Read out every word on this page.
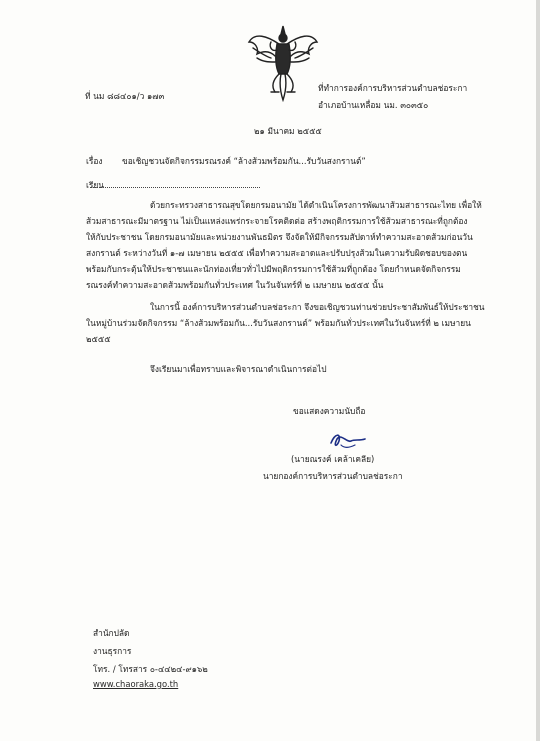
ที่ นม ๘๘๔๐๑/ว ๑๗๓
ที่ทำการองค์การบริหารส่วนตำบลช่อระกา
อำเภอบ้านเหลื่อม นม. ๓๐๓๕๐
๒๑ มีนาคม ๒๕๕๕
เรื่อง ขอเชิญชวนจัดกิจกรรมรณรงค์ “ล้างส้วมพร้อมกัน...รับวันสงกรานต์”
เรียน
ด้วยกระทรวงสาธารณสุขโดยกรมอนามัย ได้ดำเนินโครงการพัฒนาส้วมสาธารณะไทย เพื่อให้
ส้วมสาธารณะมีมาตรฐาน ไม่เป็นแหล่งแพร่กระจายโรคติดต่อ สร้างพฤติกรรมการใช้ส้วมสาธารณะที่ถูกต้อง
ให้กับประชาชน โดยกรมอนามัยและหน่วยงานพันธมิตร จึงจัดให้มีกิจกรรมสัปดาห์ทำความสะอาดส้วมก่อนวัน
สงกรานต์ ระหว่างวันที่ ๑-๗ เมษายน ๒๕๕๕ เพื่อทำความสะอาดและปรับปรุงส้วมในความรับผิดชอบของตน
พร้อมกับกระตุ้นให้ประชาชนและนักท่องเที่ยวทั่วไปมีพฤติกรรมการใช้ส้วมที่ถูกต้อง โดยกำหนดจัดกิจกรรม
รณรงค์ทำความสะอาดส้วมพร้อมกันทั่วประเทศ ในวันจันทร์ที่ ๒ เมษายน ๒๕๕๕ นั้น
ในการนี้ องค์การบริหารส่วนตำบลช่อระกา จึงขอเชิญชวนท่านช่วยประชาสัมพันธ์ให้ประชาชน
ในหมู่บ้านร่วมจัดกิจกรรม “ล้างส้วมพร้อมกัน...รับวันสงกรานต์” พร้อมกันทั่วประเทศในวันจันทร์ที่ ๒ เมษายน
๒๕๕๕
จึงเรียนมาเพื่อทราบและพิจารณาดำเนินการต่อไป
ขอแสดงความนับถือ
(นายณรงค์ เคล้าเคลีย)
นายกองค์การบริหารส่วนตำบลช่อระกา
สำนักปลัด
งานธุรการ
โทร. / โทรสาร ๐-๔๔๒๔-๙๑๖๒
www.chaoraka.go.th
